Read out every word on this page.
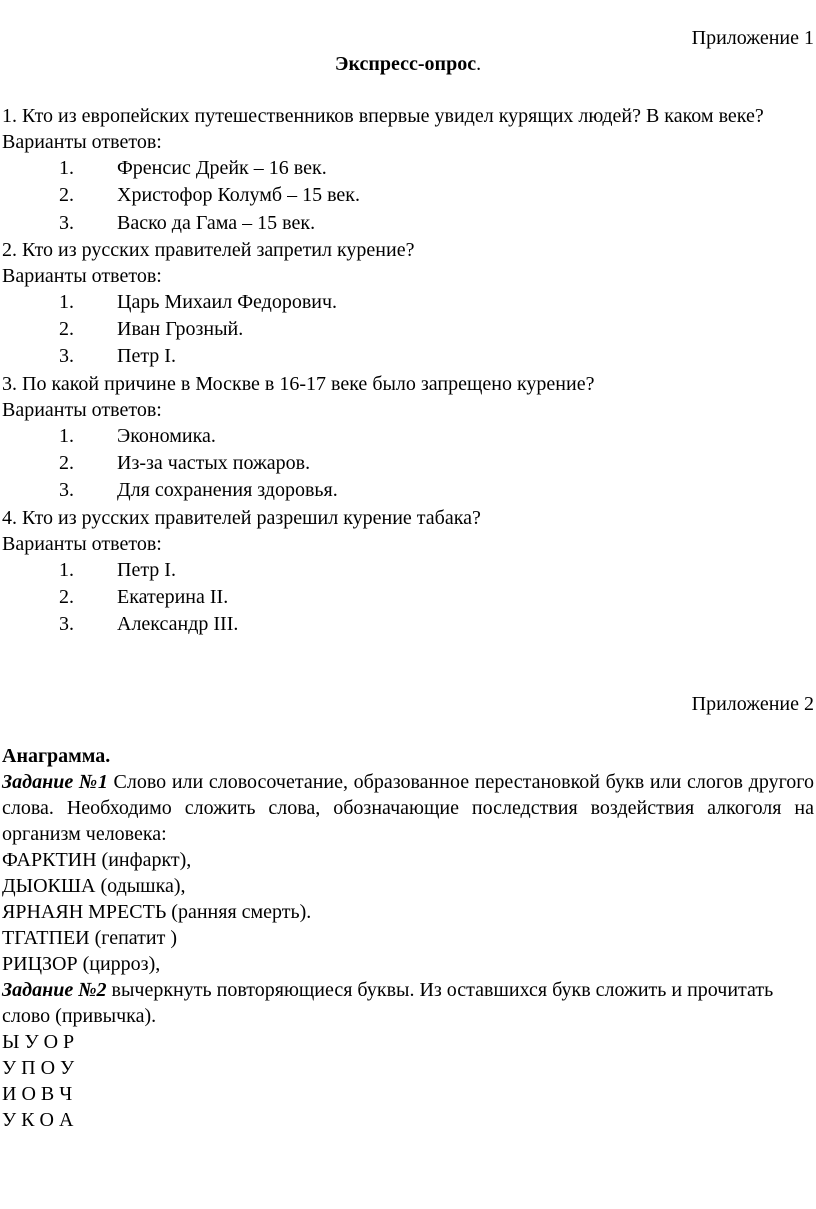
Приложение 1
Экспресс-опрос.

1. Кто из европейских путешественников впервые увидел курящих людей? В каком веке?

Варианты ответов:

1.	Френсис Дрейк – 16 век.
2.	Христофор Колумб – 15 век.
3.	Васко да Гама – 15 век.

2. Кто из русских правителей запретил курение?

Варианты ответов:

1.	Царь Михаил Федорович.
2.	Иван Грозный.
3.	Петр I.

3. По какой причине в Москве в 16-17 веке было запрещено курение?

Варианты ответов:

1.	Экономика.
2.	Из-за частых пожаров.
3.	Для сохранения здоровья.

4. Кто из русских правителей разрешил курение табака?

Варианты ответов:

1.	Петр I.
2.	Екатерина II.
3.	Александр III.
Приложение 2

Анаграмма.

Задание №1 Слово или словосочетание, образованное перестановкой букв или слогов другого слова. Необходимо сложить слова, обозначающие последствия воздействия алкоголя на организм человека:

ФАРКТИН (инфаркт),

ДЫОКША (одышка),

ЯРНАЯН МРЕСТЬ (ранняя смерть).

ТГАТПЕИ (гепатит )

РИЦЗОР (цирроз),

Задание №2 вычеркнуть повторяющиеся буквы. Из оставшихся букв сложить и прочитать слово (привычка).

Ы У О Р

У П О У

И О В Ч

У К О А
